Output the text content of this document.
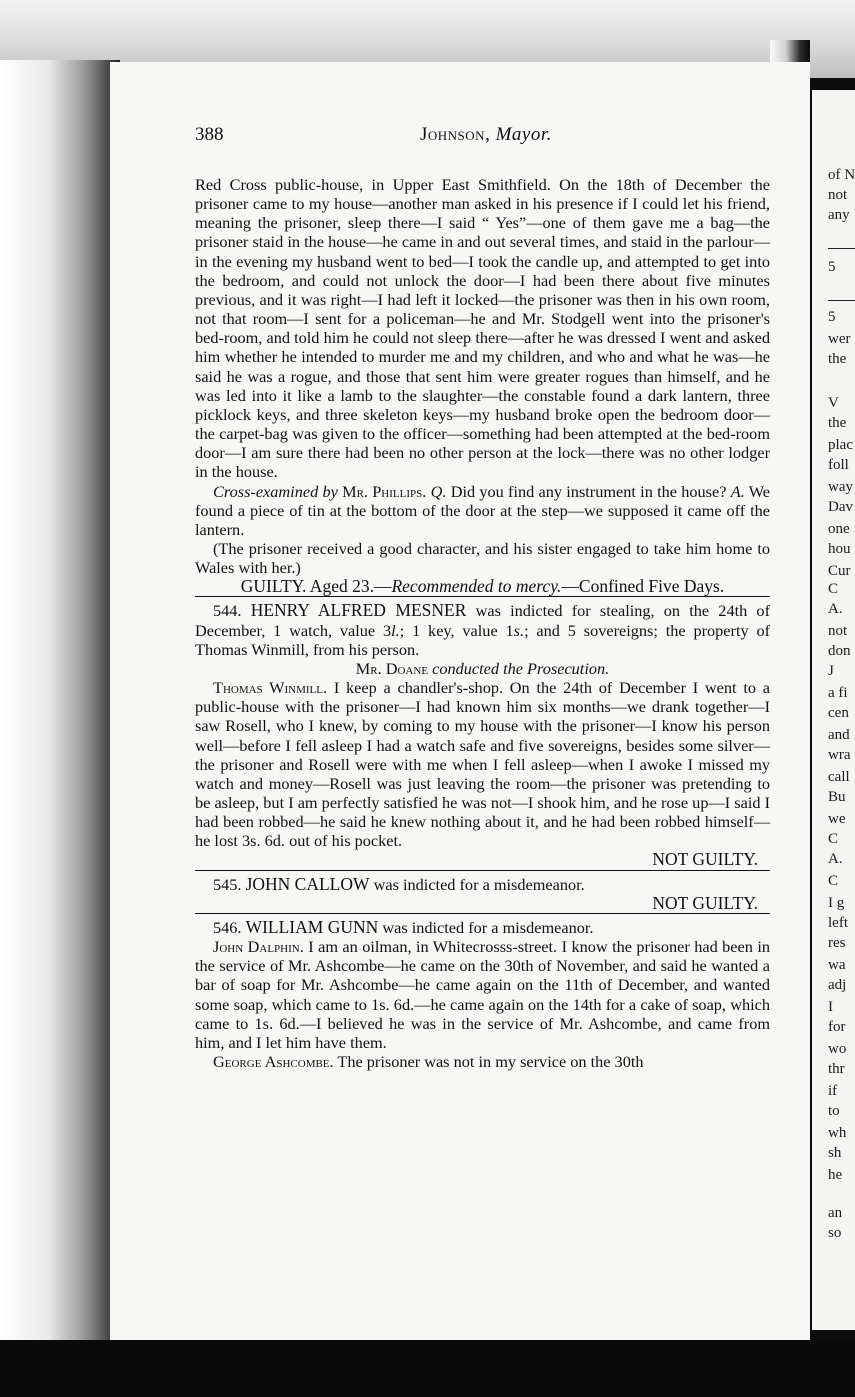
of N
not
any
5
5
wer
the
V
the
plac
foll
way
Dav
one
hou
Cur
C
A.
not
don
J
a fi
cen
and
wra
call
Bu
we
C
A.
C
I g
left
res
wa
adj
I
for
wo
thr
if
to
wh
sh
he
an
so
388	Johnson, Mayor.

Red Cross public-house, in Upper East Smithfield. On the 18th of December the prisoner came to my house—another man asked in his presence if I could let his friend, meaning the prisoner, sleep there—I said “ Yes”—one of them gave me a bag—the prisoner staid in the house—he came in and out several times, and staid in the parlour—in the evening my husband went to bed—I took the candle up, and attempted to get into the bedroom, and could not unlock the door—I had been there about five minutes previous, and it was right—I had left it locked—the prisoner was then in his own room, not that room—I sent for a policeman—he and Mr. Stodgell went into the prisoner's bed-room, and told him he could not sleep there—after he was dressed I went and asked him whether he intended to murder me and my children, and who and what he was—he said he was a rogue, and those that sent him were greater rogues than himself, and he was led into it like a lamb to the slaughter—the constable found a dark lantern, three picklock keys, and three skeleton keys—my husband broke open the bedroom door—the carpet-bag was given to the officer—something had been attempted at the bed-room door—I am sure there had been no other person at the lock—there was no other lodger in the house.

Cross-examined by Mr. Phillips. Q. Did you find any instrument in the house? A. We found a piece of tin at the bottom of the door at the step—we supposed it came off the lantern.

(The prisoner received a good character, and his sister engaged to take him home to Wales with her.)

GUILTY. Aged 23.—Recommended to mercy.—Confined Five Days.

544. HENRY ALFRED MESNER was indicted for stealing, on the 24th of December, 1 watch, value 3l.; 1 key, value 1s.; and 5 sovereigns; the property of Thomas Winmill, from his person.

Mr. Doane conducted the Prosecution.

Thomas Winmill. I keep a chandler's-shop. On the 24th of December I went to a public-house with the prisoner—I had known him six months—we drank together—I saw Rosell, who I knew, by coming to my house with the prisoner—I know his person well—before I fell asleep I had a watch safe and five sovereigns, besides some silver—the prisoner and Rosell were with me when I fell asleep—when I awoke I missed my watch and money—Rosell was just leaving the room—the prisoner was pretending to be asleep, but I am perfectly satisfied he was not—I shook him, and he rose up—I said I had been robbed—he said he knew nothing about it, and he had been robbed himself—he lost 3s. 6d. out of his pocket.

NOT GUILTY.

545. JOHN CALLOW was indicted for a misdemeanor.

NOT GUILTY.

546. WILLIAM GUNN was indicted for a misdemeanor.

John Dalphin. I am an oilman, in Whitecrosss-street. I know the prisoner had been in the service of Mr. Ashcombe—he came on the 30th of November, and said he wanted a bar of soap for Mr. Ashcombe—he came again on the 11th of December, and wanted some soap, which came to 1s. 6d.—he came again on the 14th for a cake of soap, which came to 1s. 6d.—I believed he was in the service of Mr. Ashcombe, and came from him, and I let him have them.

George Ashcombe. The prisoner was not in my service on the 30th
